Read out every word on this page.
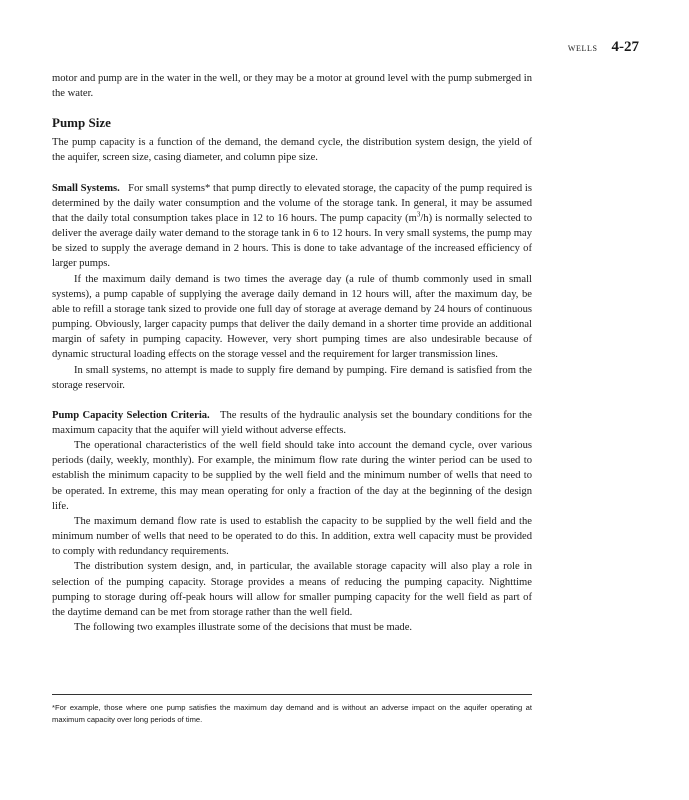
WELLS 4-27

motor and pump are in the water in the well, or they may be a motor at ground level with the pump submerged in the water.

Pump Size

The pump capacity is a function of the demand, the demand cycle, the distribution system design, the yield of the aquifer, screen size, casing diameter, and column pipe size.

Small Systems. For small systems* that pump directly to elevated storage, the capacity of the pump required is determined by the daily water consumption and the volume of the storage tank. In general, it may be assumed that the daily total consumption takes place in 12 to 16 hours. The pump capacity $(m^3/h)$ is normally selected to deliver the average daily water demand to the storage tank in 6 to 12 hours. In very small systems, the pump may be sized to supply the average demand in 2 hours. This is done to take advantage of the increased efficiency of larger pumps.

If the maximum daily demand is two times the average day (a rule of thumb commonly used in small systems), a pump capable of supplying the average daily demand in 12 hours will, after the maximum day, be able to refill a storage tank sized to provide one full day of storage at average demand by 24 hours of continuous pumping. Obviously, larger capacity pumps that deliver the daily demand in a shorter time provide an additional margin of safety in pumping capacity. However, very short pumping times are also undesirable because of dynamic structural loading effects on the storage vessel and the requirement for larger transmission lines.

In small systems, no attempt is made to supply fire demand by pumping. Fire demand is satisfied from the storage reservoir.

Pump Capacity Selection Criteria. The results of the hydraulic analysis set the boundary conditions for the maximum capacity that the aquifer will yield without adverse effects.

The operational characteristics of the well field should take into account the demand cycle, over various periods (daily, weekly, monthly). For example, the minimum flow rate during the winter period can be used to establish the minimum capacity to be supplied by the well field and the minimum number of wells that need to be operated. In extreme, this may mean operating for only a fraction of the day at the beginning of the design life.

The maximum demand flow rate is used to establish the capacity to be supplied by the well field and the minimum number of wells that need to be operated to do this. In addition, extra well capacity must be provided to comply with redundancy requirements.

The distribution system design, and, in particular, the available storage capacity will also play a role in selection of the pumping capacity. Storage provides a means of reducing the pumping capacity. Nighttime pumping to storage during off-peak hours will allow for smaller pumping capacity for the well field as part of the daytime demand can be met from storage rather than the well field.

The following two examples illustrate some of the decisions that must be made.

*For example, those where one pump satisfies the maximum day demand and is without an adverse impact on the aquifer operating at maximum capacity over long periods of time.
